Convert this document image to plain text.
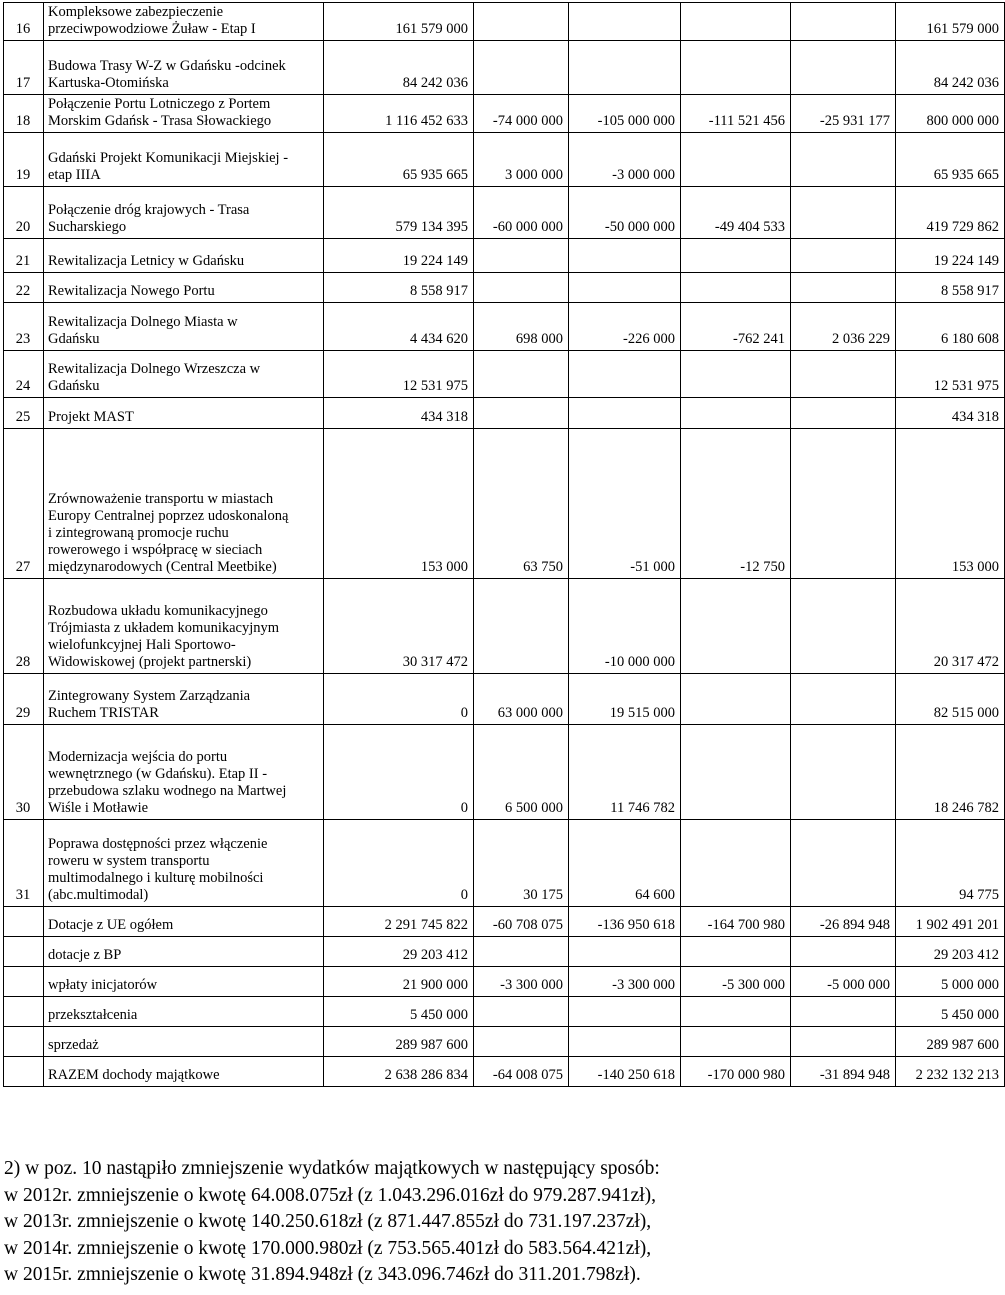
16	Kompleksowe zabezpieczenie
przeciwpowodziowe Żuław - Etap I	161 579 000					161 579 000
17	Budowa Trasy W-Z w Gdańsku -odcinek
Kartuska-Otomińska	84 242 036					84 242 036
18	Połączenie Portu Lotniczego z Portem
Morskim Gdańsk - Trasa Słowackiego	1 116 452 633	-74 000 000	-105 000 000	-111 521 456	-25 931 177	800 000 000
19	Gdański Projekt Komunikacji Miejskiej -
etap IIIA	65 935 665	3 000 000	-3 000 000			65 935 665
20	Połączenie dróg krajowych - Trasa
Sucharskiego	579 134 395	-60 000 000	-50 000 000	-49 404 533		419 729 862
21	Rewitalizacja Letnicy w Gdańsku	19 224 149					19 224 149
22	Rewitalizacja Nowego Portu	8 558 917					8 558 917
23	Rewitalizacja Dolnego Miasta w
Gdańsku	4 434 620	698 000	-226 000	-762 241	2 036 229	6 180 608
24	Rewitalizacja Dolnego Wrzeszcza w
Gdańsku	12 531 975					12 531 975
25	Projekt MAST	434 318					434 318
27	Zrównoważenie transportu w miastach
Europy Centralnej poprzez udoskonaloną
i zintegrowaną promocje ruchu
rowerowego i współpracę w sieciach
międzynarodowych (Central Meetbike)	153 000	63 750	-51 000	-12 750		153 000
28	Rozbudowa układu komunikacyjnego
Trójmiasta z układem komunikacyjnym
wielofunkcyjnej Hali Sportowo-
Widowiskowej (projekt partnerski)	30 317 472		-10 000 000			20 317 472
29	Zintegrowany System Zarządzania
Ruchem TRISTAR	0	63 000 000	19 515 000			82 515 000
30	Modernizacja wejścia do portu
wewnętrznego (w Gdańsku). Etap II -
przebudowa szlaku wodnego na Martwej
Wiśle i Motławie	0	6 500 000	11 746 782			18 246 782
31	Poprawa dostępności przez włączenie
roweru w system transportu
multimodalnego i kulturę mobilności
(abc.multimodal)	0	30 175	64 600			94 775

	Dotacje z UE ogółem	2 291 745 822	-60 708 075	-136 950 618	-164 700 980	-26 894 948	1 902 491 201

	dotacje z BP	29 203 412					29 203 412

	wpłaty inicjatorów	21 900 000	-3 300 000	-3 300 000	-5 300 000	-5 000 000	5 000 000

	przekształcenia	5 450 000					5 450 000

	sprzedaż	289 987 600					289 987 600

	RAZEM dochody majątkowe	2 638 286 834	-64 008 075	-140 250 618	-170 000 980	-31 894 948	2 232 132 213
2) w poz. 10 nastąpiło zmniejszenie wydatków majątkowych w następujący sposób:
w 2012r. zmniejszenie o kwotę 64.008.075zł (z 1.043.296.016zł do 979.287.941zł),
w 2013r. zmniejszenie o kwotę 140.250.618zł (z 871.447.855zł do 731.197.237zł),
w 2014r. zmniejszenie o kwotę 170.000.980zł (z 753.565.401zł do 583.564.421zł),
w 2015r. zmniejszenie o kwotę 31.894.948zł (z 343.096.746zł do 311.201.798zł).
